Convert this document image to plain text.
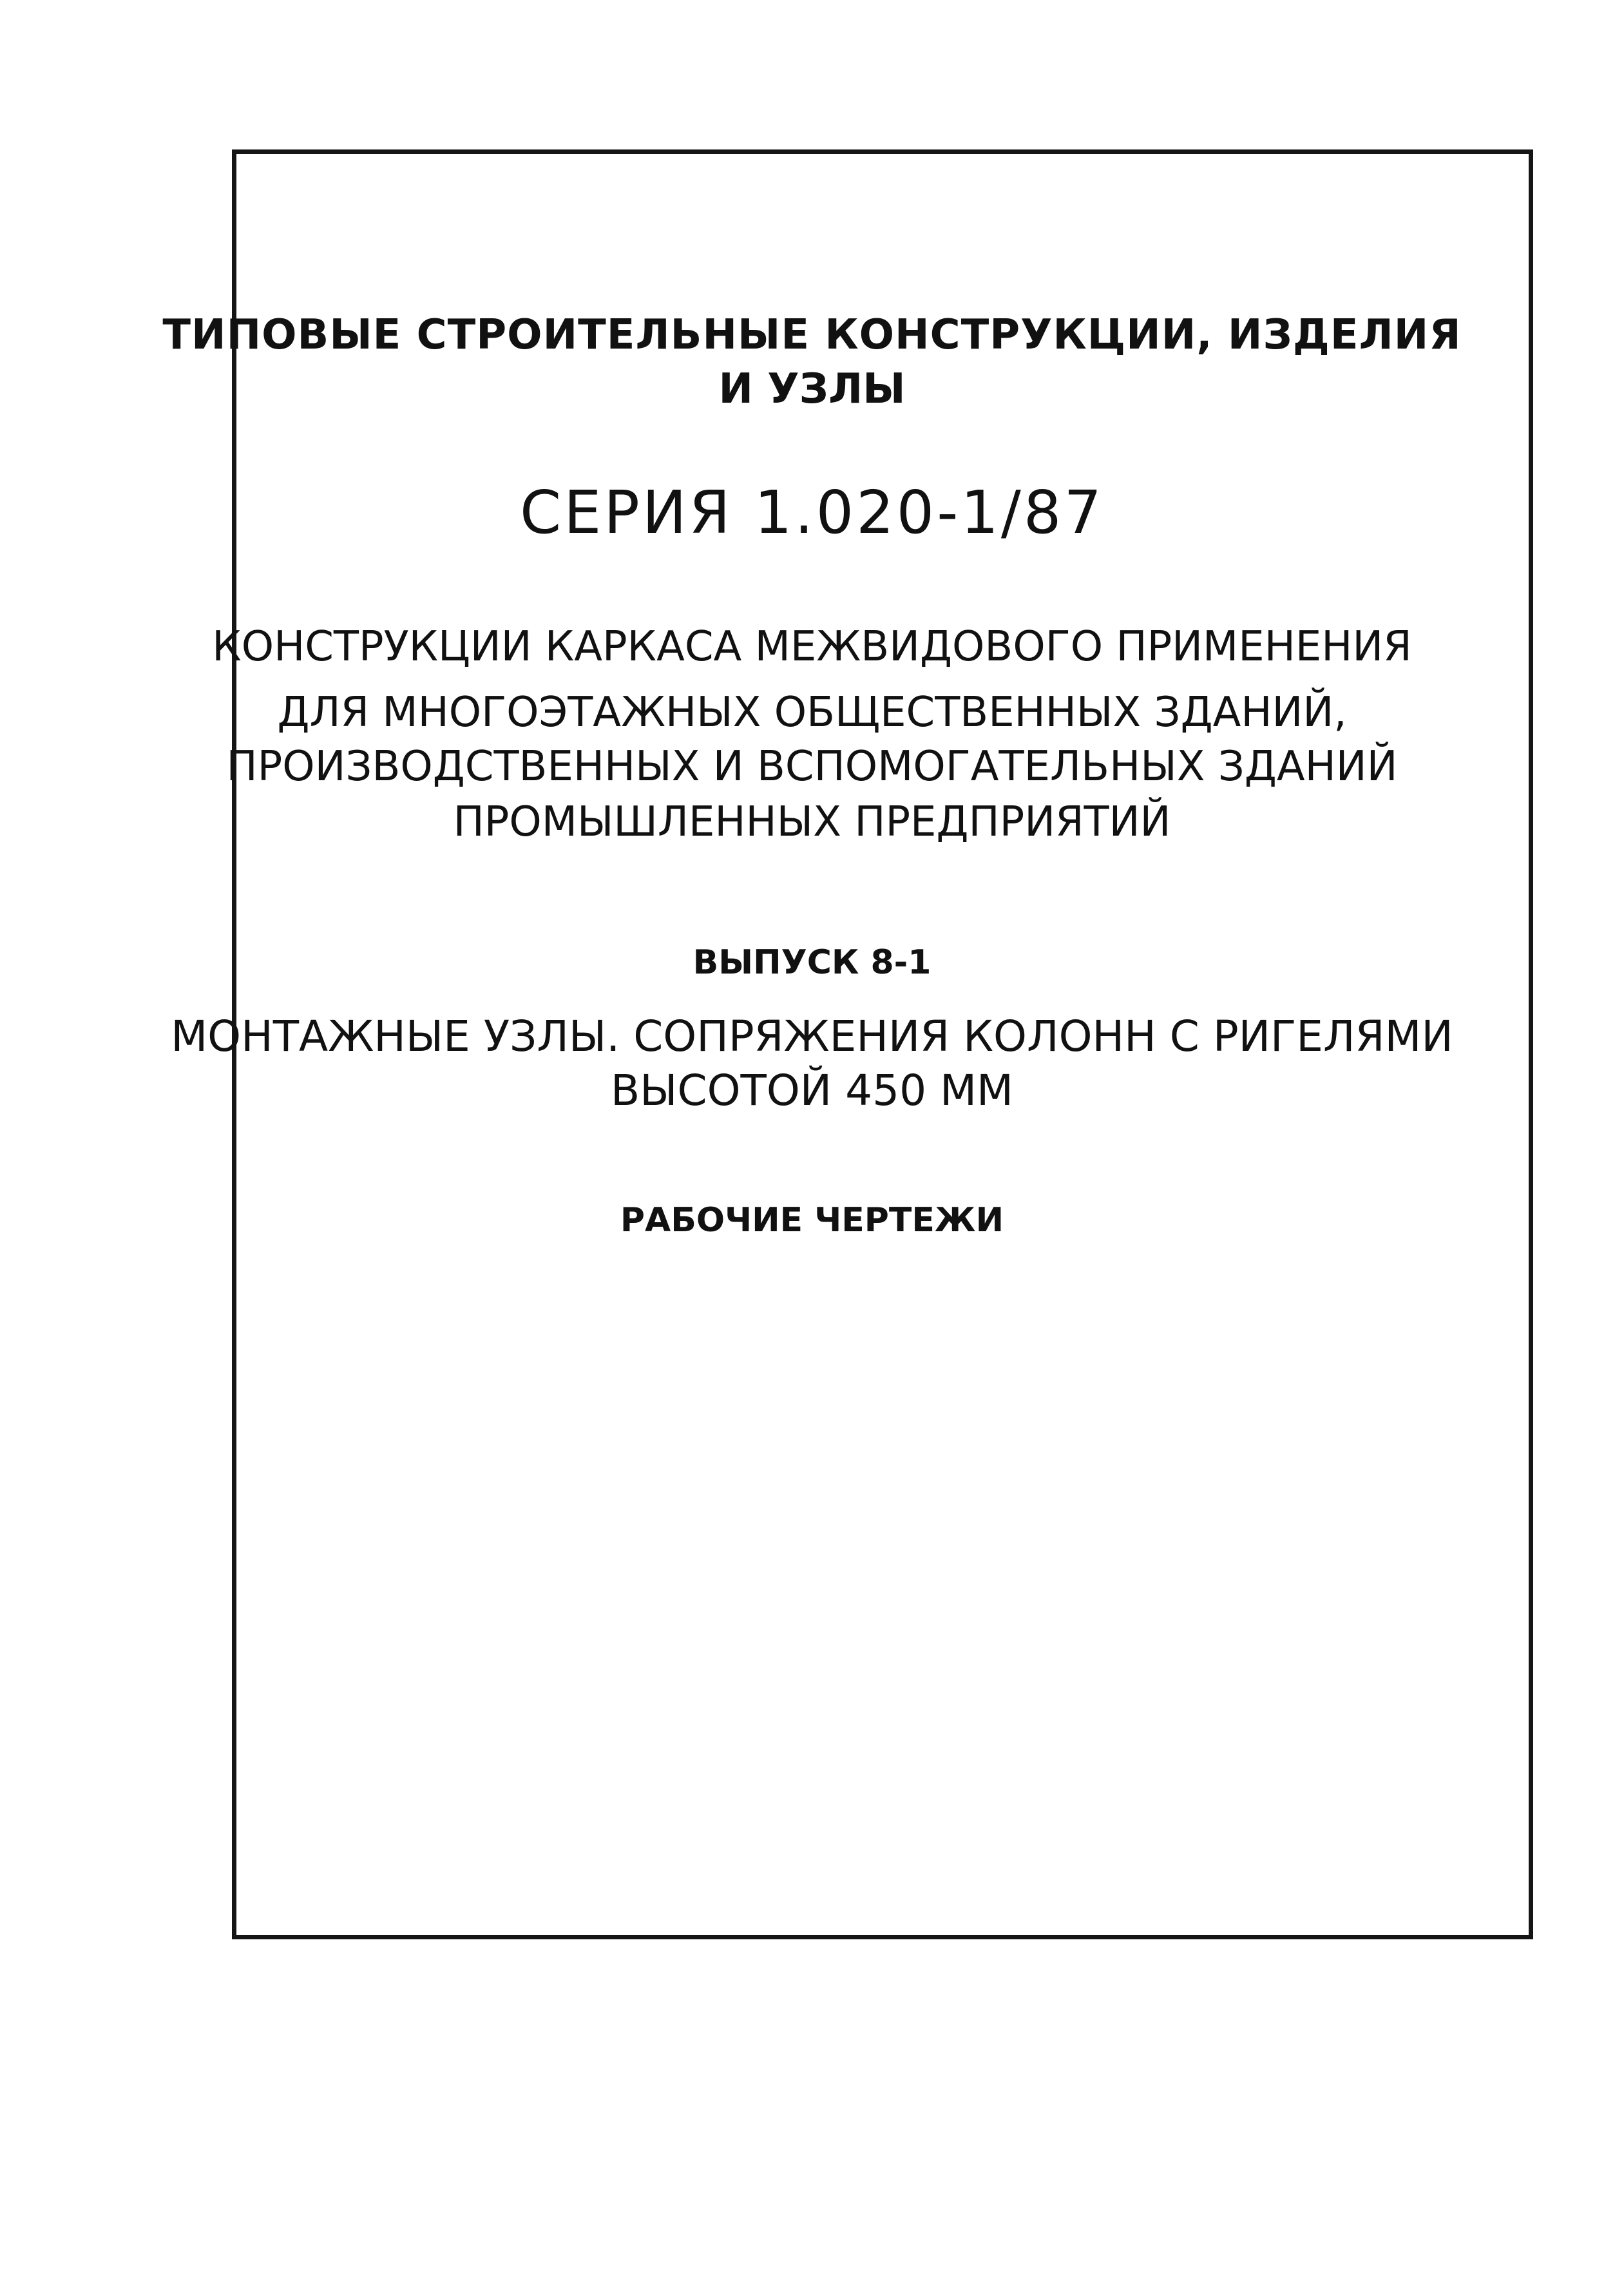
ТИПОВЫЕ СТРОИТЕЛЬНЫЕ КОНСТРУКЦИИ, ИЗДЕЛИЯ
И УЗЛЫ
СЕРИЯ 1.020-1/87
КОНСТРУКЦИИ КАРКАСА МЕЖВИДОВОГО ПРИМЕНЕНИЯ
ДЛЯ МНОГОЭТАЖНЫХ ОБЩЕСТВЕННЫХ ЗДАНИЙ,
ПРОИЗВОДСТВЕННЫХ И ВСПОМОГАТЕЛЬНЫХ ЗДАНИЙ
ПРОМЫШЛЕННЫХ ПРЕДПРИЯТИЙ
ВЫПУСК 8-1
МОНТАЖНЫЕ УЗЛЫ. СОПРЯЖЕНИЯ КОЛОНН С РИГЕЛЯМИ
ВЫСОТОЙ 450 ММ
РАБОЧИЕ ЧЕРТЕЖИ
